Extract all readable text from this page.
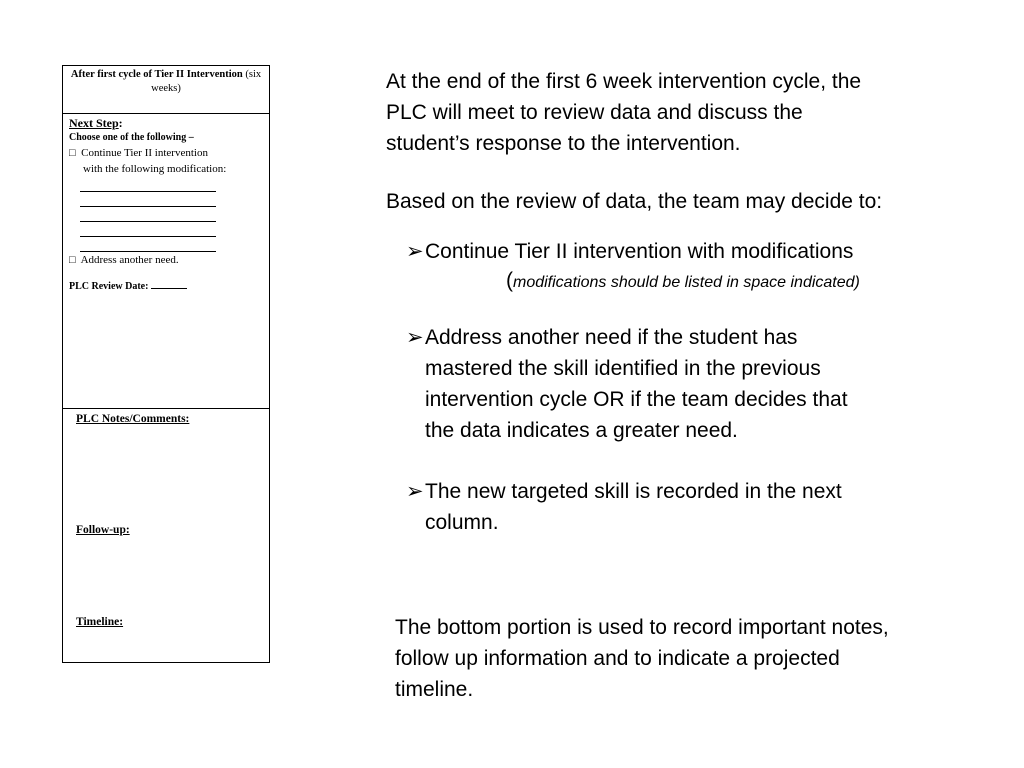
After first cycle of Tier II Intervention (six weeks)
Next Step:
Choose one of the following –
□ Continue Tier II intervention
with the following modification:
□ Address another need.
PLC Review Date:
PLC Notes/Comments:
Follow-up:
Timeline:
At the end of the first 6 week intervention cycle, the
PLC will meet to review data and discuss the
student’s response to the intervention.
Based on the review of data, the team may decide to:
➢ Continue Tier II intervention with modifications
(modifications should be listed in space indicated)
➢ Address another need if the student has
mastered the skill identified in the previous
intervention cycle OR if the team decides that
the data indicates a greater need.
➢ The new targeted skill is recorded in the next
column.
The bottom portion is used to record important notes,
follow up information and to indicate a projected
timeline.
